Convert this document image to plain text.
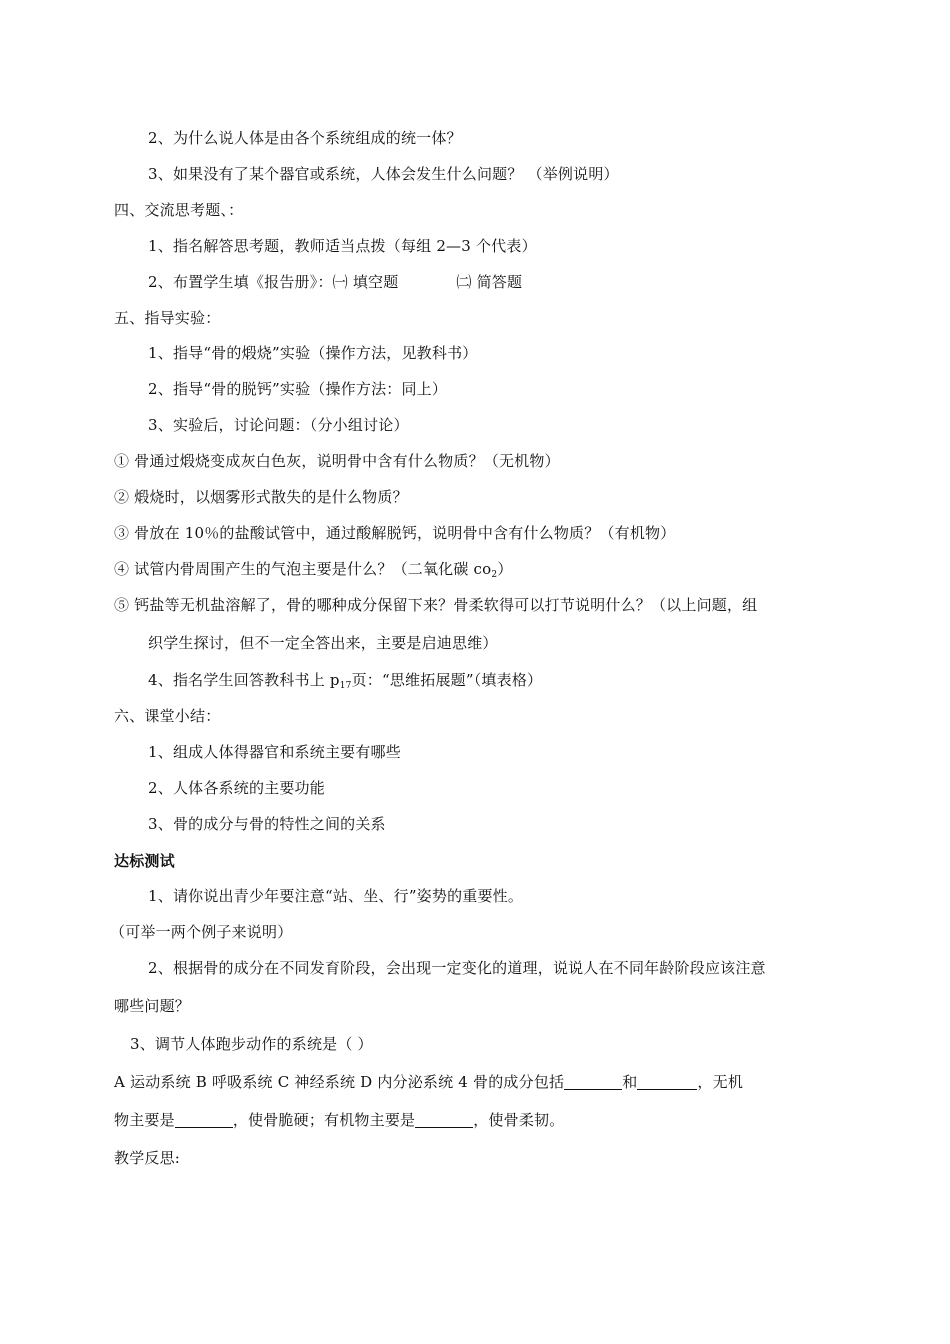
2、为什么说人体是由各个系统组成的统一体？
3、如果没有了某个器官或系统，人体会发生什么问题？ （举例说明）
四、交流思考题、：
1、指名解答思考题，教师适当点拨（每组 2—3 个代表）
2、布置学生填《报告册》：㈠ 填空题	㈡ 简答题
五、指导实验：
1、指导“骨的煅烧”实验（操作方法，见教科书）
2、指导“骨的脱钙”实验（操作方法：同上）
3、实验后，讨论问题：（分小组讨论）
① 骨通过煅烧变成灰白色灰，说明骨中含有什么物质？（无机物）
② 煅烧时，以烟雾形式散失的是什么物质？
③ 骨放在 10％的盐酸试管中，通过酸解脱钙，说明骨中含有什么物质？（有机物）
④ 试管内骨周围产生的气泡主要是什么？（二氧化碳 $co_2$）
⑤ 钙盐等无机盐溶解了，骨的哪种成分保留下来？骨柔软得可以打节说明什么？（以上问题，组
织学生探讨，但不一定全答出来，主要是启迪思维）
4、指名学生回答教科书上 $p_{17}$页：“思维拓展题”（填表格）
六、课堂小结：
1、组成人体得器官和系统主要有哪些
2、人体各系统的主要功能
3、骨的成分与骨的特性之间的关系
达标测试
1、请你说出青少年要注意“站、坐、行”姿势的重要性。
（可举一两个例子来说明）
2、根据骨的成分在不同发育阶段，会出现一定变化的道理，说说人在不同年龄阶段应该注意
哪些问题？
3、调节人体跑步动作的系统是（ ）
A 运动系统 B 呼吸系统 C 神经系统 D 内分泌系统 4 骨的成分包括	和	，无机
物主要是	，使骨脆硬；有机物主要是	，使骨柔韧。
教学反思:
